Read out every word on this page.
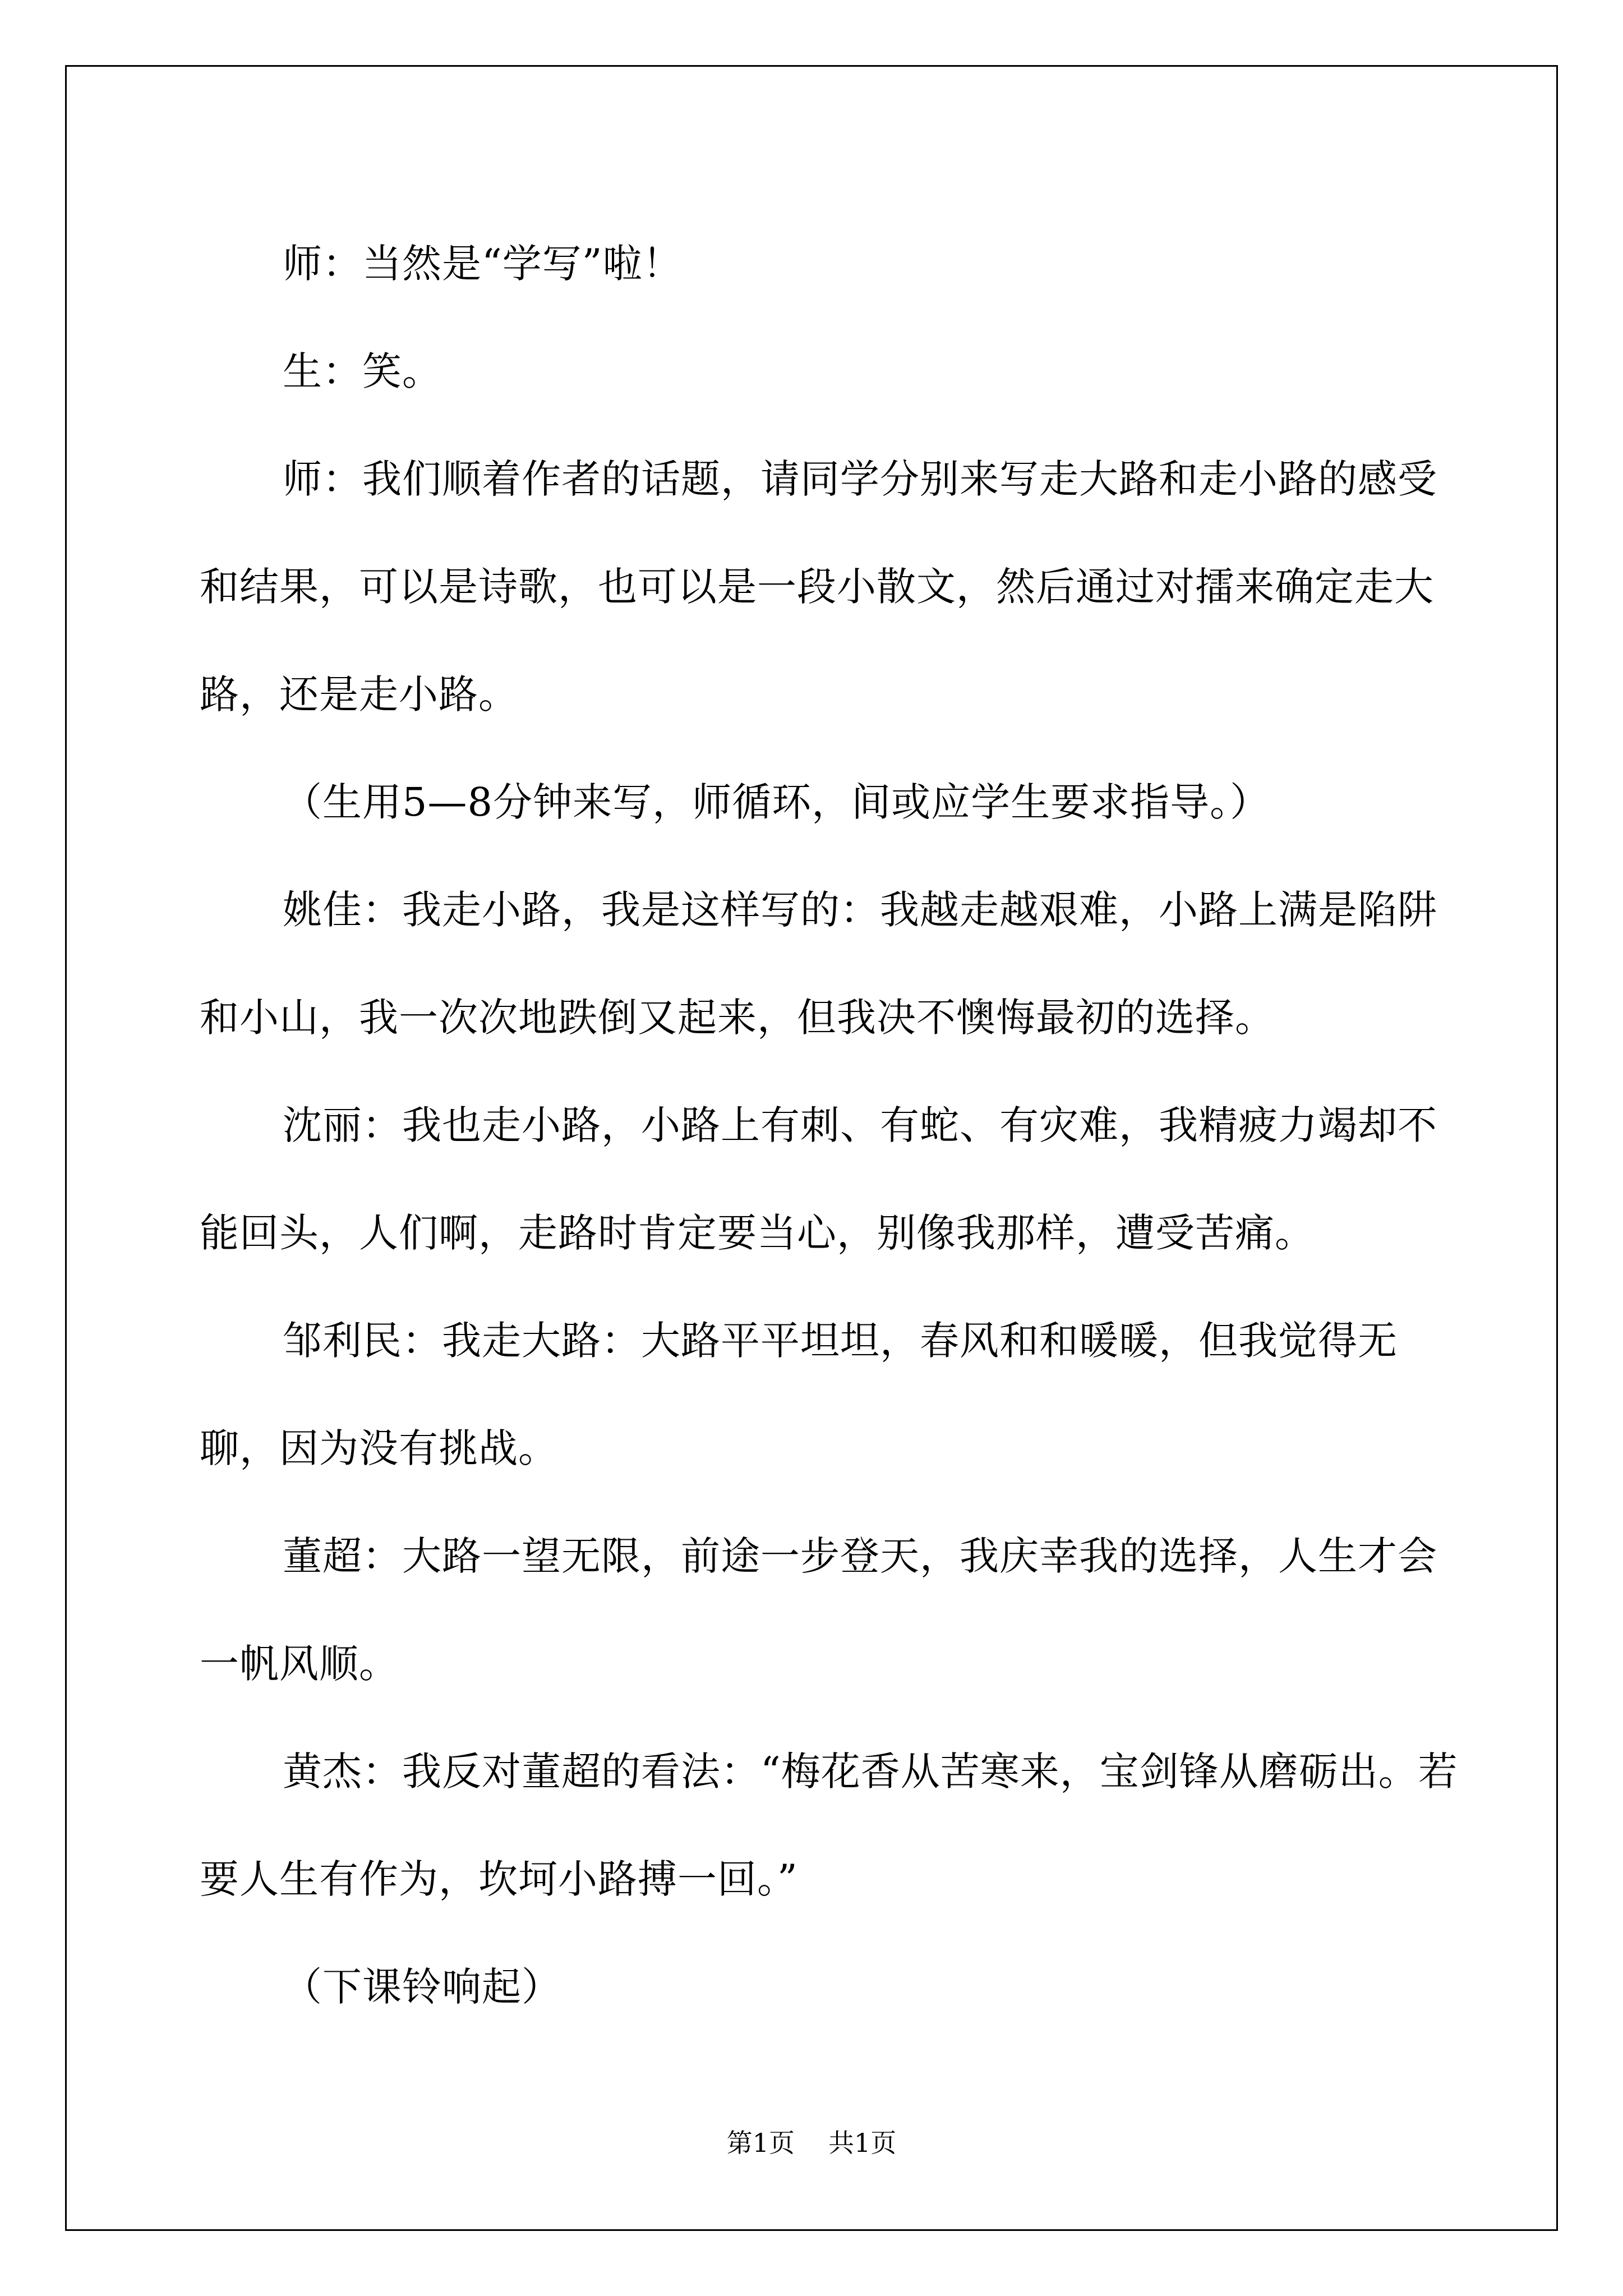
师：当然是“学写”啦！

生：笑。

师：我们顺着作者的话题，请同学分别来写走大路和走小路的感受和结果，可以是诗歌，也可以是一段小散文，然后通过对擂来确定走大路，还是走小路。

（生用5—8分钟来写，师循环，间或应学生要求指导。）

姚佳：我走小路，我是这样写的：我越走越艰难，小路上满是陷阱和小山，我一次次地跌倒又起来，但我决不懊悔最初的选择。

沈丽：我也走小路，小路上有刺、有蛇、有灾难，我精疲力竭却不能回头，人们啊，走路时肯定要当心，别像我那样，遭受苦痛。

邹利民：我走大路：大路平平坦坦，春风和和暖暖，但我觉得无聊，因为没有挑战。

董超：大路一望无限，前途一步登天，我庆幸我的选择，人生才会一帆风顺。

黄杰：我反对董超的看法：“梅花香从苦寒来，宝剑锋从磨砺出。若要人生有作为，坎坷小路搏一回。”

（下课铃响起）

第1页 共1页
